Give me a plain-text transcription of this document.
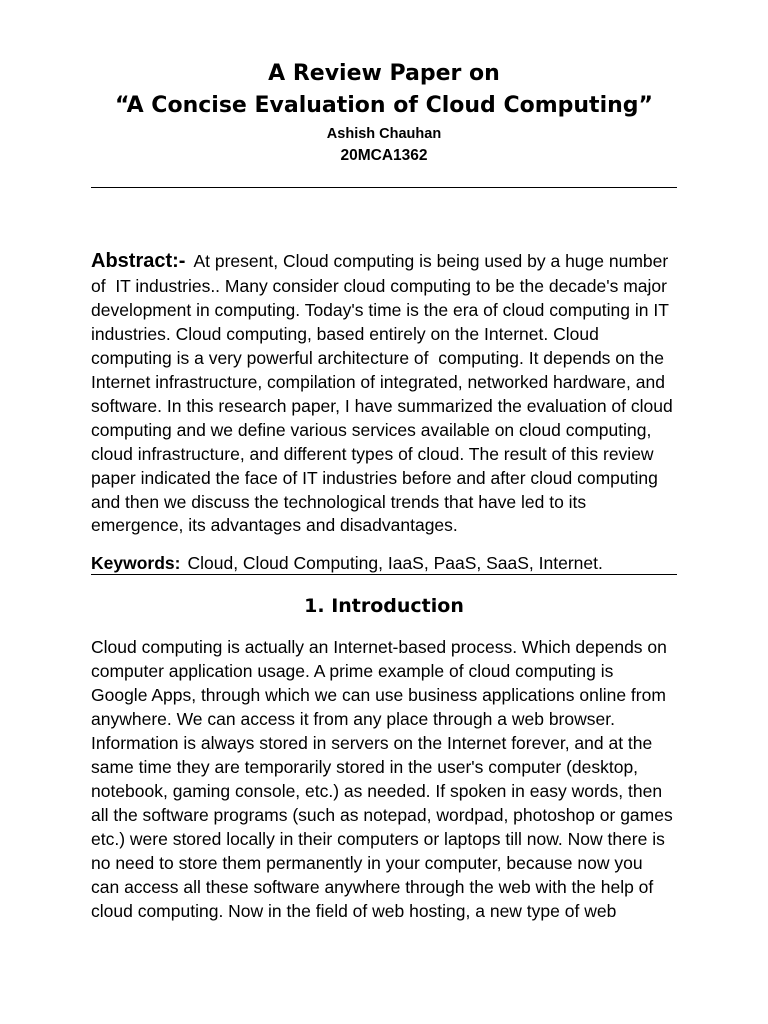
A Review Paper on
“A Concise Evaluation of Cloud Computing”
Ashish Chauhan
20MCA1362
Abstract:- At present, Cloud computing is being used by a huge number
of  IT industries.. Many consider cloud computing to be the decade's major
development in computing. Today's time is the era of cloud computing in IT
industries. Cloud computing, based entirely on the Internet. Cloud
computing is a very powerful architecture of  computing. It depends on the
Internet infrastructure, compilation of integrated, networked hardware, and
software. In this research paper, I have summarized the evaluation of cloud
computing and we define various services available on cloud computing,
cloud infrastructure, and different types of cloud. The result of this review
paper indicated the face of IT industries before and after cloud computing
and then we discuss the technological trends that have led to its
emergence, its advantages and disadvantages.
Keywords: Cloud, Cloud Computing, IaaS, PaaS, SaaS, Internet.
1. Introduction
Cloud computing is actually an Internet-based process. Which depends on
computer application usage. A prime example of cloud computing is
Google Apps, through which we can use business applications online from
anywhere. We can access it from any place through a web browser.
Information is always stored in servers on the Internet forever, and at the
same time they are temporarily stored in the user's computer (desktop,
notebook, gaming console, etc.) as needed. If spoken in easy words, then
all the software programs (such as notepad, wordpad, photoshop or games
etc.) were stored locally in their computers or laptops till now. Now there is
no need to store them permanently in your computer, because now you
can access all these software anywhere through the web with the help of
cloud computing. Now in the field of web hosting, a new type of web
